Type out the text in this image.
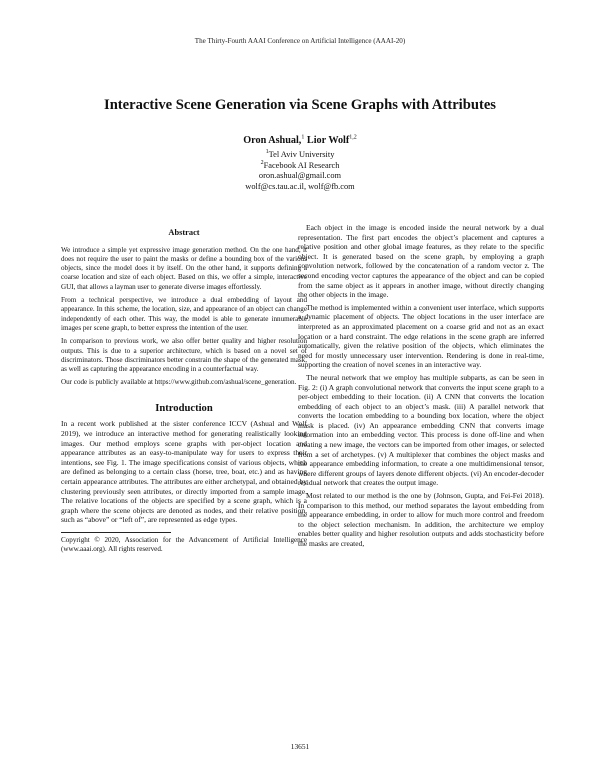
The Thirty-Fourth AAAI Conference on Artificial Intelligence (AAAI-20)
Interactive Scene Generation via Scene Graphs with Attributes
Oron Ashual,$^1$ Lior Wolf$^{1,2}$
$^1$Tel Aviv University
$^2$Facebook AI Research
oron.ashual@gmail.com
wolf@cs.tau.ac.il, wolf@fb.com
Abstract

We introduce a simple yet expressive image generation method. On the one hand, it does not require the user to paint the masks or define a bounding box of the various objects, since the model does it by itself. On the other hand, it supports defining a coarse location and size of each object. Based on this, we offer a simple, interactive GUI, that allows a layman user to generate diverse images effortlessly.

From a technical perspective, we introduce a dual embedding of layout and appearance. In this scheme, the location, size, and appearance of an object can change independently of each other. This way, the model is able to generate innumerable images per scene graph, to better express the intention of the user.

In comparison to previous work, we also offer better quality and higher resolution outputs. This is due to a superior architecture, which is based on a novel set of discriminators. Those discriminators better constrain the shape of the generated mask, as well as capturing the appearance encoding in a counterfactual way.

Our code is publicly available at https://www.github.com/ashual/scene_generation.

Introduction

In a recent work published at the sister conference ICCV (Ashual and Wolf 2019), we introduce an interactive method for generating realistically looking images. Our method employs scene graphs with per-object location and appearance attributes as an easy-to-manipulate way for users to express their intentions, see Fig. 1. The image specifications consist of various objects, which are defined as belonging to a certain class (horse, tree, boat, etc.) and as having certain appearance attributes. The attributes are either archetypal, and obtained by clustering previously seen attributes, or directly imported from a sample image. The relative locations of the objects are specified by a scene graph, which is a graph where the scene objects are denoted as nodes, and their relative position, such as “above” or “left of”, are represented as edge types.

Copyright © 2020, Association for the Advancement of Artificial Intelligence (www.aaai.org). All rights reserved.

Each object in the image is encoded inside the neural network by a dual representation. The first part encodes the object’s placement and captures a relative position and other global image features, as they relate to the specific object. It is generated based on the scene graph, by employing a graph convolution network, followed by the concatenation of a random vector z. The second encoding vector captures the appearance of the object and can be copied from the same object as it appears in another image, without directly changing the other objects in the image.

The method is implemented within a convenient user interface, which supports a dynamic placement of objects. The object locations in the user interface are interpreted as an approximated placement on a coarse grid and not as an exact location or a hard constraint. The edge relations in the scene graph are inferred automatically, given the relative position of the objects, which eliminates the need for mostly unnecessary user intervention. Rendering is done in real-time, supporting the creation of novel scenes in an interactive way.

The neural network that we employ has multiple subparts, as can be seen in Fig. 2: (i) A graph convolutional network that converts the input scene graph to a per-object embedding to their location. (ii) A CNN that converts the location embedding of each object to an object’s mask. (iii) A parallel network that converts the location embedding to a bounding box location, where the object mask is placed. (iv) An appearance embedding CNN that converts image information into an embedding vector. This process is done off-line and when creating a new image, the vectors can be imported from other images, or selected from a set of archetypes. (v) A multiplexer that combines the object masks and the appearance embedding information, to create a one multidimensional tensor, where different groups of layers denote different objects. (vi) An encoder-decoder residual network that creates the output image.

Most related to our method is the one by (Johnson, Gupta, and Fei-Fei 2018). In comparison to this method, our method separates the layout embedding from the appearance embedding, in order to allow for much more control and freedom to the object selection mechanism. In addition, the architecture we employ enables better quality and higher resolution outputs and adds stochasticity before the masks are created,

13651
